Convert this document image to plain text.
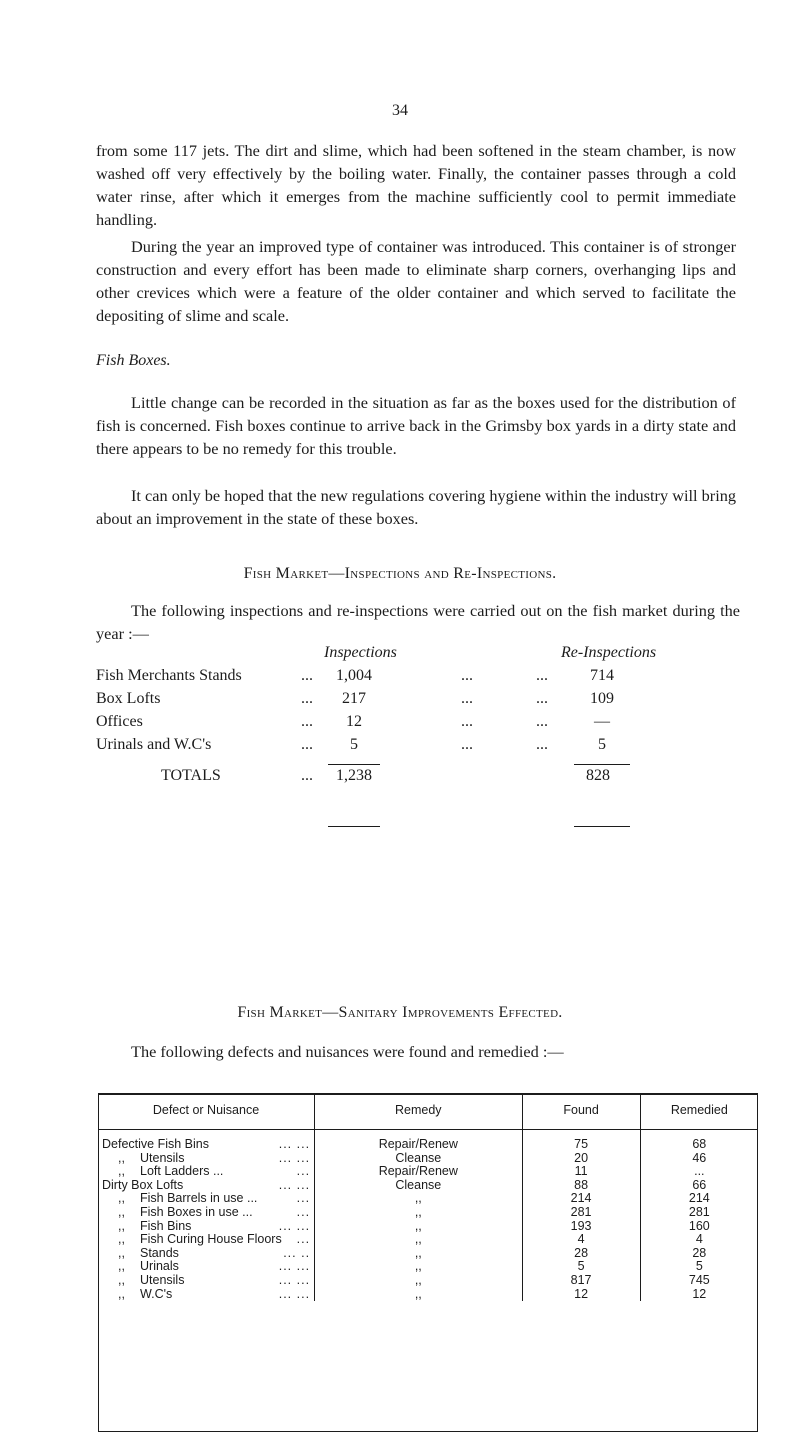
34

from some 117 jets. The dirt and slime, which had been softened in the steam chamber, is now washed off very effectively by the boiling water. Finally, the container passes through a cold water rinse, after which it emerges from the machine sufficiently cool to permit immediate handling.

During the year an improved type of container was introduced. This container is of stronger construction and every effort has been made to eliminate sharp corners, overhanging lips and other crevices which were a feature of the older container and which served to facilitate the depositing of slime and scale.

Fish Boxes.

Little change can be recorded in the situation as far as the boxes used for the distribution of fish is concerned. Fish boxes continue to arrive back in the Grimsby box yards in a dirty state and there appears to be no remedy for this trouble.

It can only be hoped that the new regulations covering hygiene within the industry will bring about an improvement in the state of these boxes.

Fish Market—Inspections and Re-Inspections.

The following inspections and re-inspections were carried out on the fish market during the year :—

Inspections	Re-Inspections
Fish Merchants Stands	...	1,004	...	...	714
Box Lofts	...	217	...	...	109
Offices	...	12	...	...	—
Urinals and W.C's	...	5	...	...	5
TOTALS	...	1,238	828

Fish Market—Sanitary Improvements Effected.

The following defects and nuisances were found and remedied :—

Defect or Nuisance	Remedy	Found	Remedied
Defective Fish Bins ... ...	Repair/Renew	75	68
,, Utensils ... ...	Cleanse	20	46
,, Loft Ladders ... ...	Repair/Renew	11	...
Dirty Box Lofts ... ...	Cleanse	88	66
,, Fish Barrels in use ... ...	,,	214	214
,, Fish Boxes in use ... ...	,,	281	281
,, Fish Bins ... ...	,,	193	160
,, Fish Curing House Floors ...	,,	4	4
,, Stands ... ..	,,	28	28
,, Urinals ... ...	,,	5	5
,, Utensils ... ...	,,	817	745
,, W.C's ... ...	,,	12	12
